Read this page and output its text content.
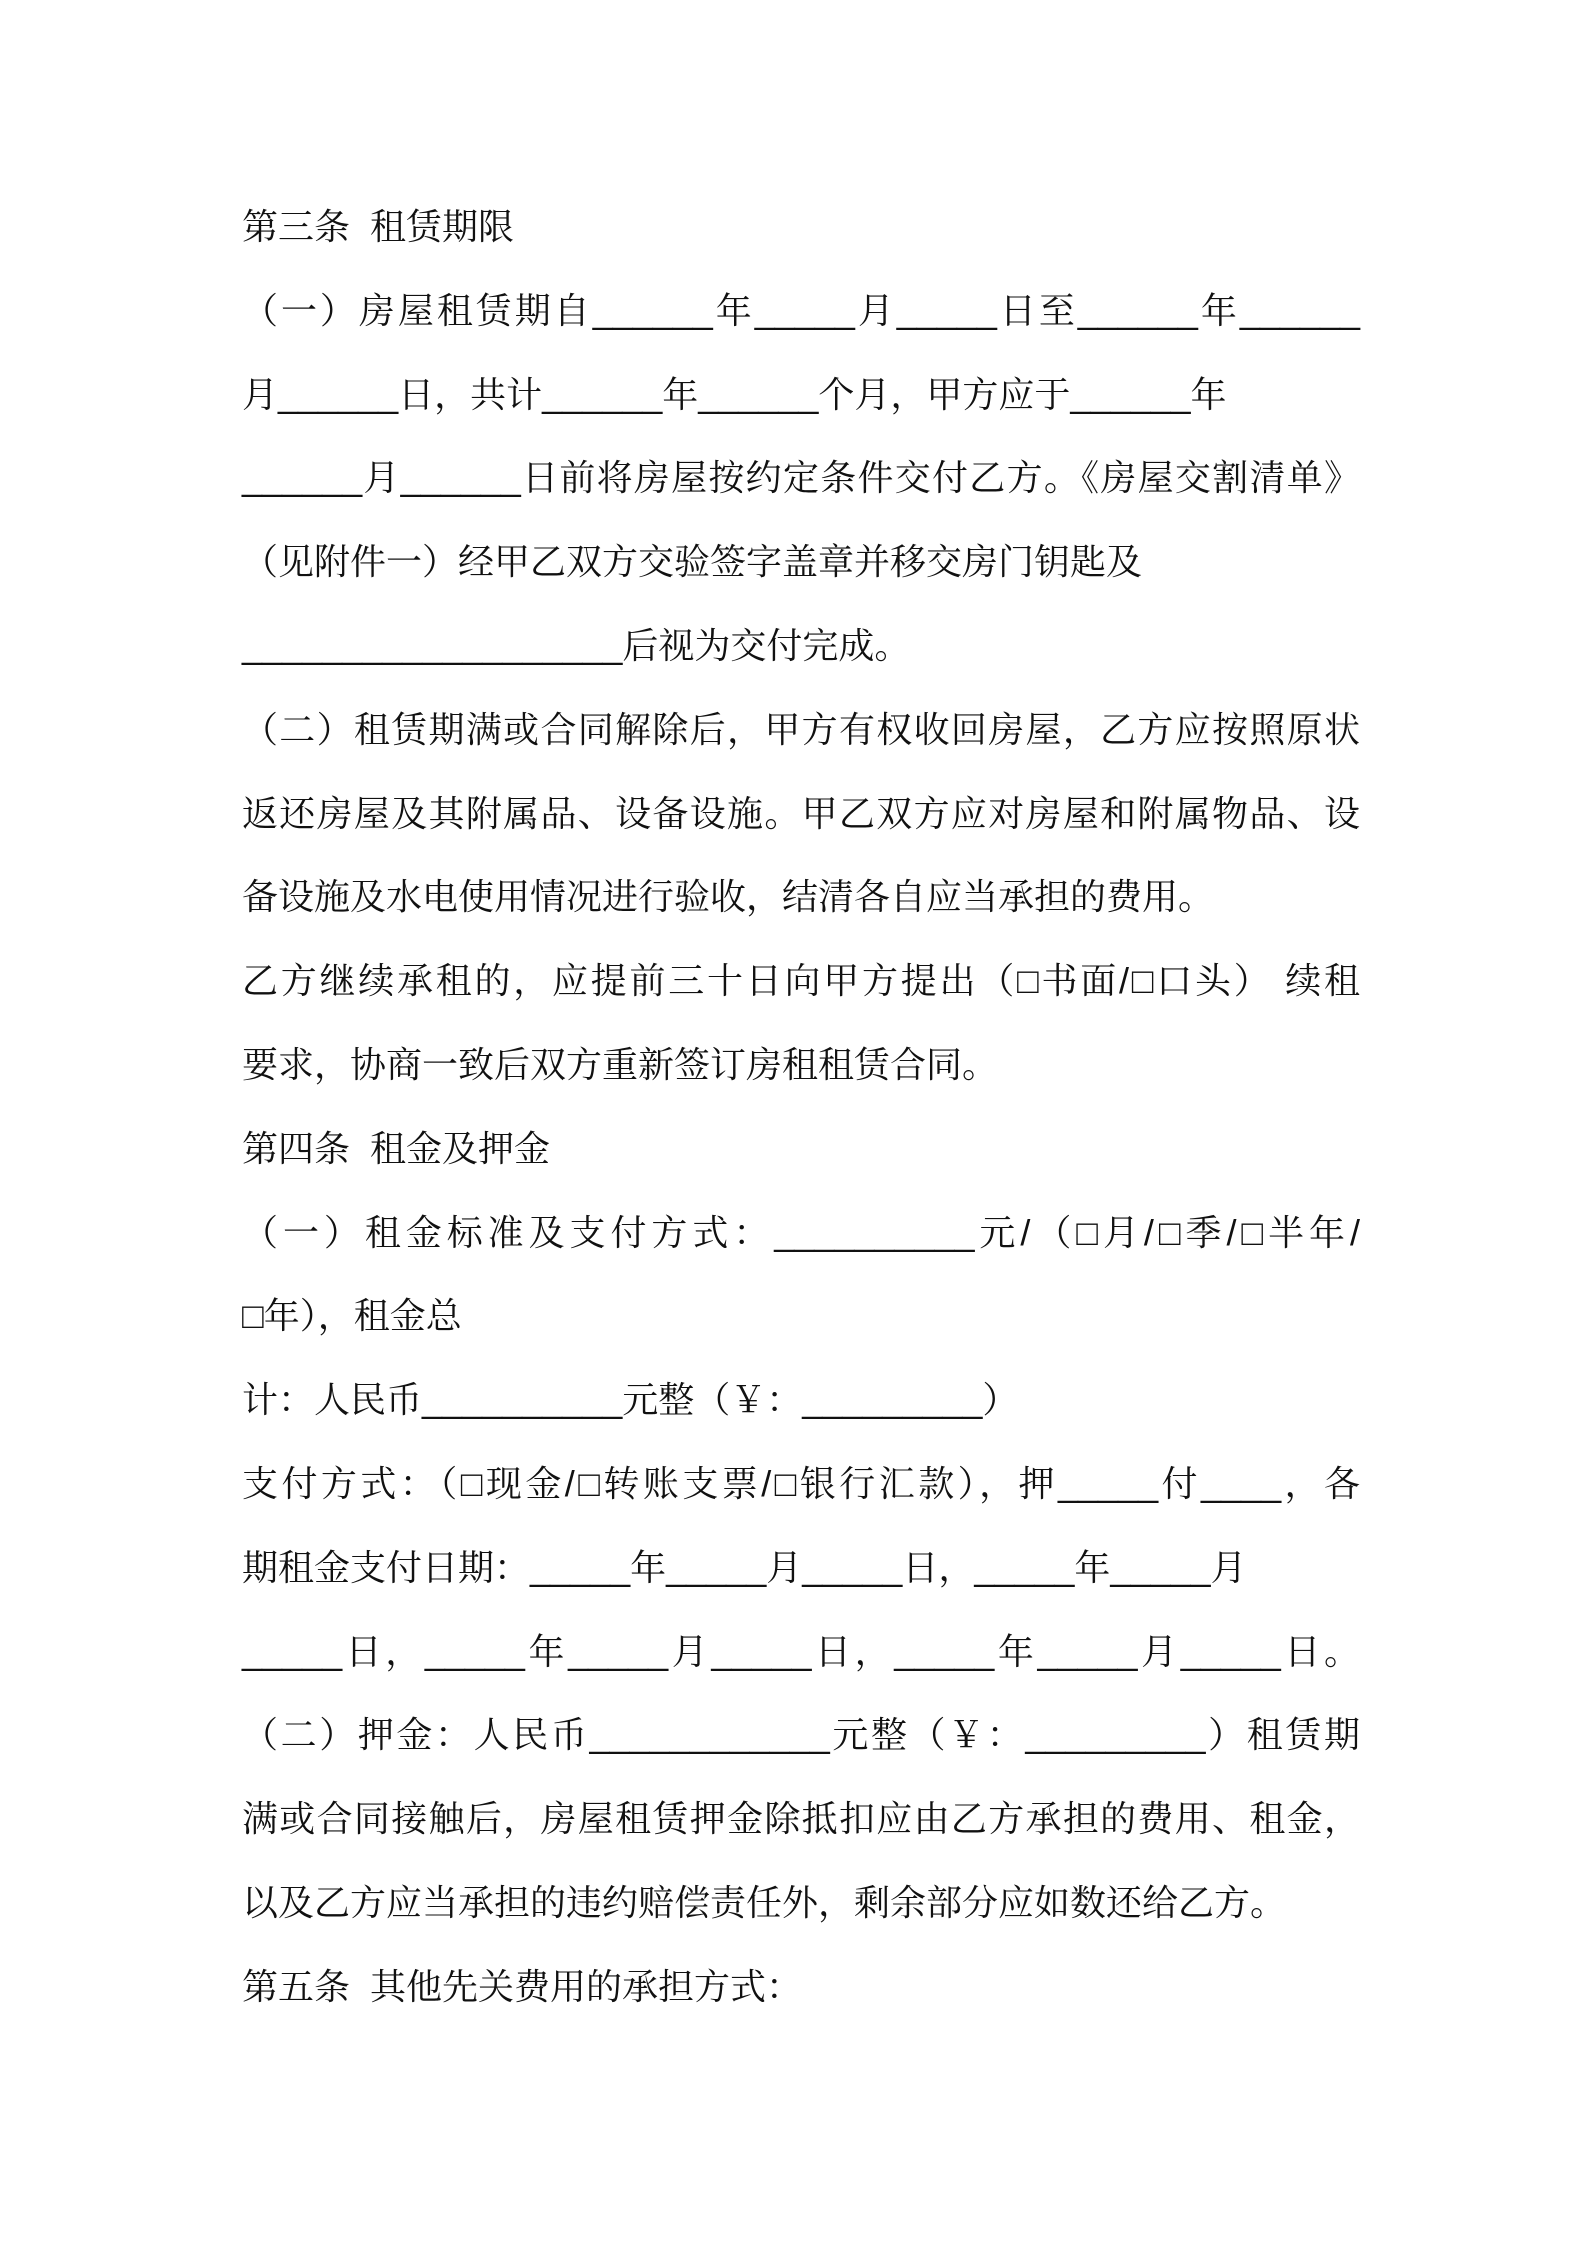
第三条  租赁期限
（一）房屋租赁期自______年_____月_____日至______年______
月______日，共计______年______个月，甲方应于______年
______月______日前将房屋按约定条件交付乙方。《房屋交割清单》
（见附件一）经甲乙双方交验签字盖章并移交房门钥匙及
___________________后视为交付完成。
（二）租赁期满或合同解除后，甲方有权收回房屋，乙方应按照原状
返还房屋及其附属品、设备设施。甲乙双方应对房屋和附属物品、设
备设施及水电使用情况进行验收，结清各自应当承担的费用。
乙方继续承租的，应提前三十日向甲方提出（□书面/□口头） 续租
要求，协商一致后双方重新签订房租租赁合同。
第四条  租金及押金
（一）租金标准及支付方式：__________元/（□月/□季/□半年/
□年），租金总
计：人民币__________元整（￥：_________）
支付方式：（□现金/□转账支票/□银行汇款），押_____付____，各
期租金支付日期：_____年_____月_____日，_____年_____月
_____日，_____年_____月_____日，_____年_____月_____日。
（二）押金：人民币____________元整（￥：_________）租赁期
满或合同接触后，房屋租赁押金除抵扣应由乙方承担的费用、租金，
以及乙方应当承担的违约赔偿责任外，剩余部分应如数还给乙方。
第五条  其他先关费用的承担方式：
